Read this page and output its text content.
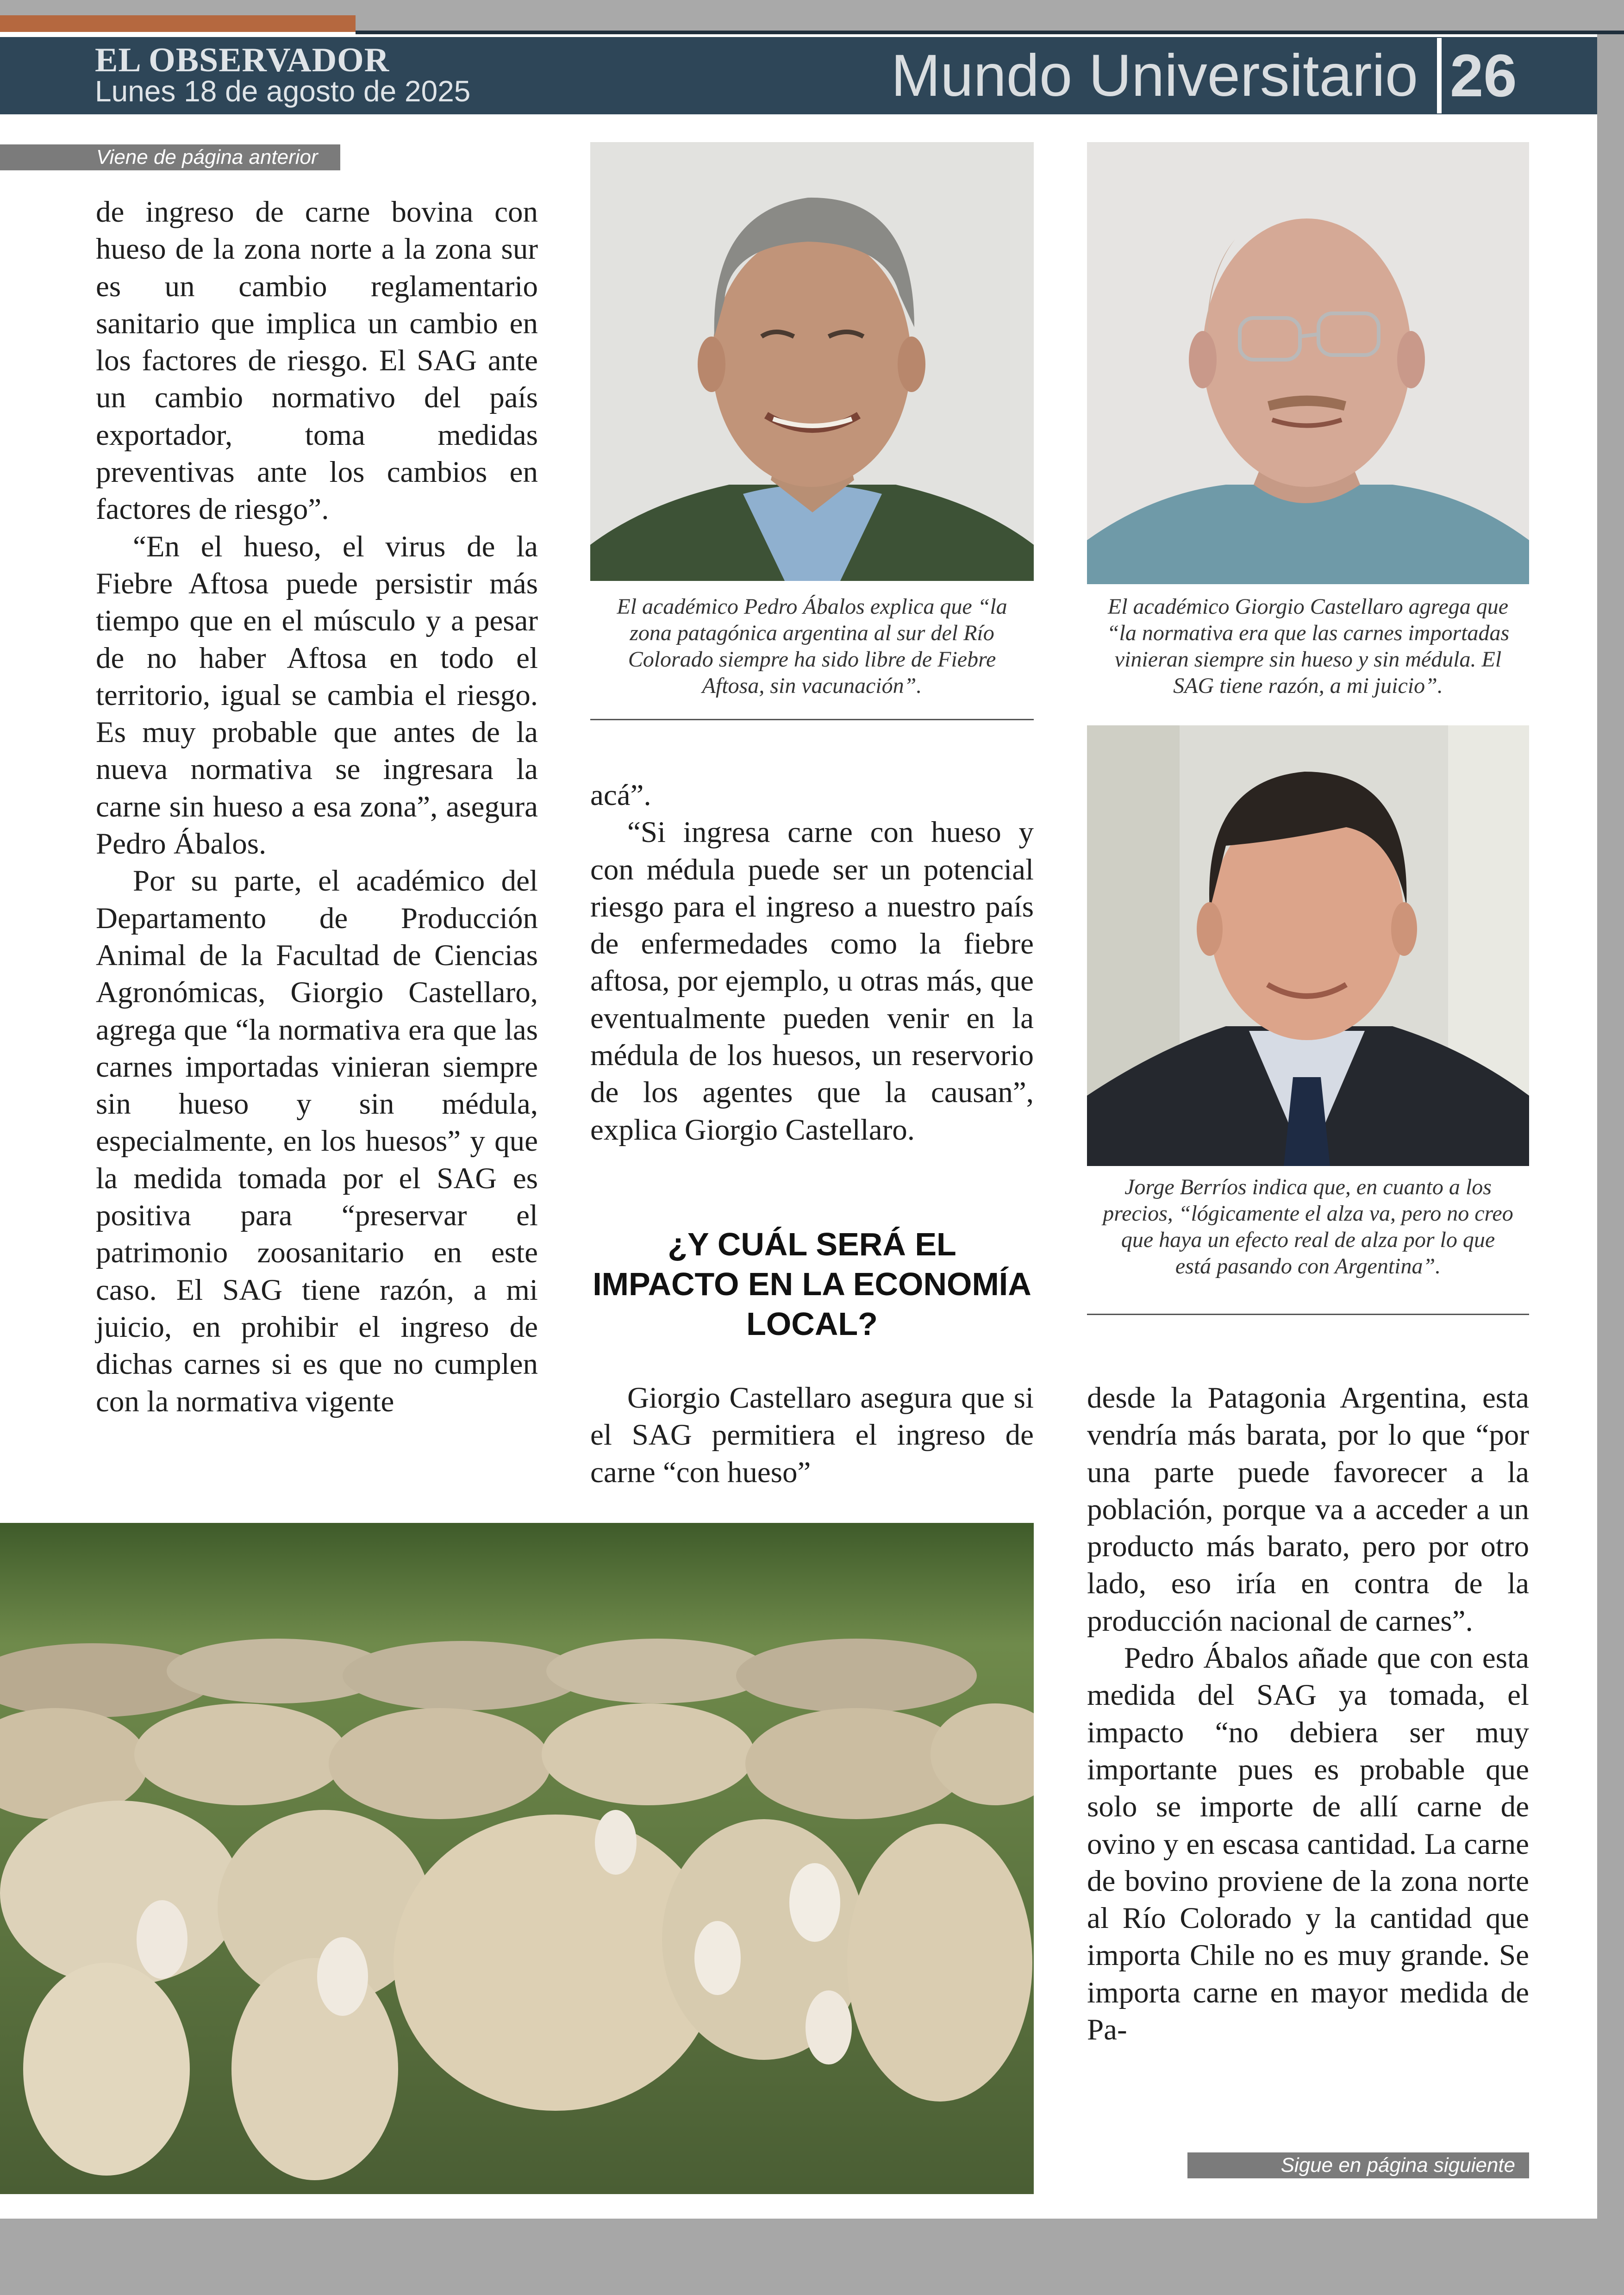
EL OBSERVADOR
Lunes 18 de agosto de 2025	Mundo Universitario 26
Viene de página anterior

de ingreso de carne bovina con hueso de la zona norte a la zona sur es un cambio reglamentario sanitario que implica un cambio en los factores de riesgo. El SAG ante un cambio normativo del país exportador, toma medidas preventivas ante los cambios en factores de riesgo”.

“En el hueso, el virus de la Fiebre Aftosa puede persistir más tiempo que en el músculo y a pesar de no haber Aftosa en todo el territorio, igual se cambia el riesgo. Es muy probable que antes de la nueva normativa se ingresara la carne sin hueso a esa zona”, asegura Pedro Ábalos.

Por su parte, el académico del Departamento de Producción Animal de la Facultad de Ciencias Agronómicas, Giorgio Castellaro, agrega que “la normativa era que las carnes importadas vinieran siempre sin hueso y sin médula, especialmente, en los huesos” y que la medida tomada por el SAG es positiva para “preservar el patrimonio zoosanitario en este caso. El SAG tiene razón, a mi juicio, en prohibir el ingreso de dichas carnes si es que no cumplen con la normativa vigente

El académico Pedro Ábalos explica que “la zona patagónica argentina al sur del Río Colorado siempre ha sido libre de Fiebre Aftosa, sin vacunación”.
El académico Giorgio Castellaro agrega que “la normativa era que las carnes importadas vinieran siempre sin hueso y sin médula. El SAG tiene razón, a mi juicio”.
Jorge Berríos indica que, en cuanto a los precios, “lógicamente el alza va, pero no creo que haya un efecto real de alza por lo que está pasando con Argentina”.

acá”.

“Si ingresa carne con hueso y con médula puede ser un potencial riesgo para el ingreso a nuestro país de enfermedades como la fiebre aftosa, por ejemplo, u otras más, que eventualmente pueden venir en la médula de los huesos, un reservorio de los agentes que la causan”, explica Giorgio Castellaro.

¿Y CUÁL SERÁ EL IMPACTO EN LA ECONOMÍA LOCAL?

Giorgio Castellaro asegura que si el SAG permitiera el ingreso de carne “con hueso”

desde la Patagonia Argentina, esta vendría más barata, por lo que “por una parte puede favorecer a la población, porque va a acceder a un producto más barato, pero por otro lado, eso iría en contra de la producción nacional de carnes”.

Pedro Ábalos añade que con esta medida del SAG ya tomada, el impacto “no debiera ser muy importante pues es probable que solo se importe de allí carne de ovino y en escasa cantidad. La carne de bovino proviene de la zona norte al Río Colorado y la cantidad que importa Chile no es muy grande. Se importa carne en mayor medida de Pa-

Sigue en página siguiente
